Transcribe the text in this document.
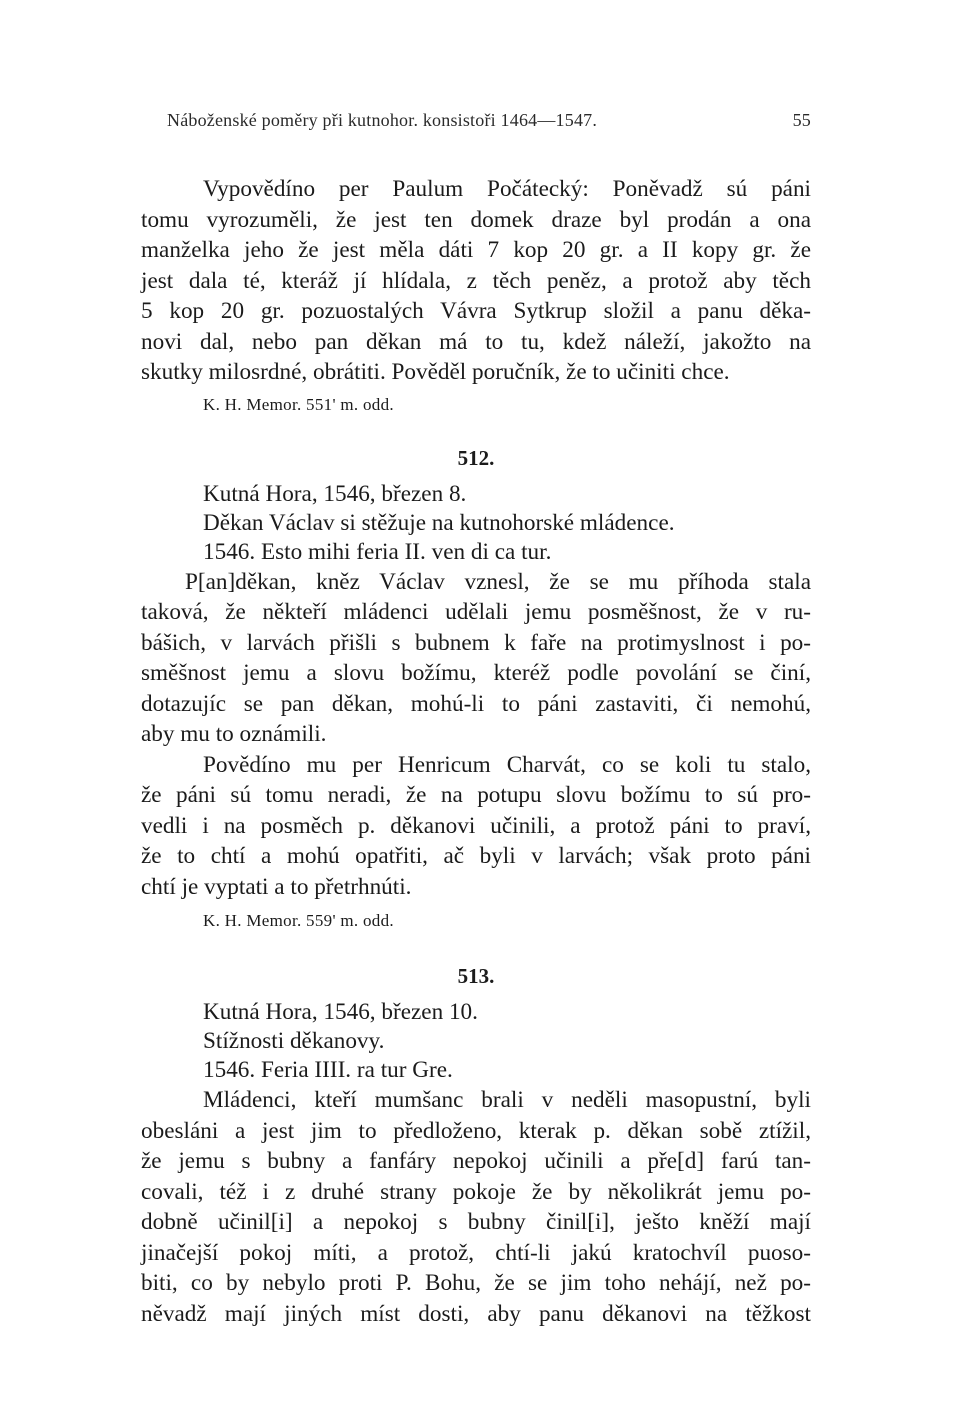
Náboženské poměry při kutnohor. konsistoři 1464—1547.	55
Vypovědíno per Paulum Počátecký: Poněvadž sú páni
tomu vyrozuměli, že jest ten domek draze byl prodán a ona
manželka jeho že jest měla dáti 7 kop 20 gr. a II kopy gr. že
jest dala té, kteráž jí hlídala, z těch peněz, a protož aby těch
5 kop 20 gr. pozuostalých Vávra Sytkrup složil a panu děka-
novi dal, nebo pan děkan má to tu, kdež náleží, jakožto na
skutky milosrdné, obrátiti. Pověděl poručník, že to učiniti chce.
K. H. Memor. 551' m. odd.
512.
Kutná Hora, 1546, březen 8.
Děkan Václav si stěžuje na kutnohorské mládence.
1546. Esto mihi feria II. ven di ca tur.
P[an]děkan, kněz Václav vznesl, že se mu příhoda stala
taková, že někteří mládenci udělali jemu posměšnost, že v ru-
bášich, v larvách přišli s bubnem k faře na protimyslnost i po-
směšnost jemu a slovu božímu, kteréž podle povolání se činí,
dotazujíc se pan děkan, mohú-li to páni zastaviti, či nemohú,
aby mu to oznámili.
Povědíno mu per Henricum Charvát, co se koli tu stalo,
že páni sú tomu neradi, že na potupu slovu božímu to sú pro-
vedli i na posměch p. děkanovi učinili, a protož páni to praví,
že to chtí a mohú opatřiti, ač byli v larvách; však proto páni
chtí je vyptati a to přetrhnúti.
K. H. Memor. 559' m. odd.
513.
Kutná Hora, 1546, březen 10.
Stížnosti děkanovy.
1546. Feria IIII. ra tur Gre.
Mládenci, kteří mumšanc brali v neděli masopustní, byli
obesláni a jest jim to předloženo, kterak p. děkan sobě ztížil,
že jemu s bubny a fanfáry nepokoj učinili a pře[d] farú tan-
covali, též i z druhé strany pokoje že by několikrát jemu po-
dobně učinil[i] a nepokoj s bubny činil[i], ješto kněží mají
jinačejší pokoj míti, a protož, chtí-li jakú kratochvíl puoso-
biti, co by nebylo proti P. Bohu, že se jim toho nehájí, než po-
něvadž mají jiných míst dosti, aby panu děkanovi na těžkost
